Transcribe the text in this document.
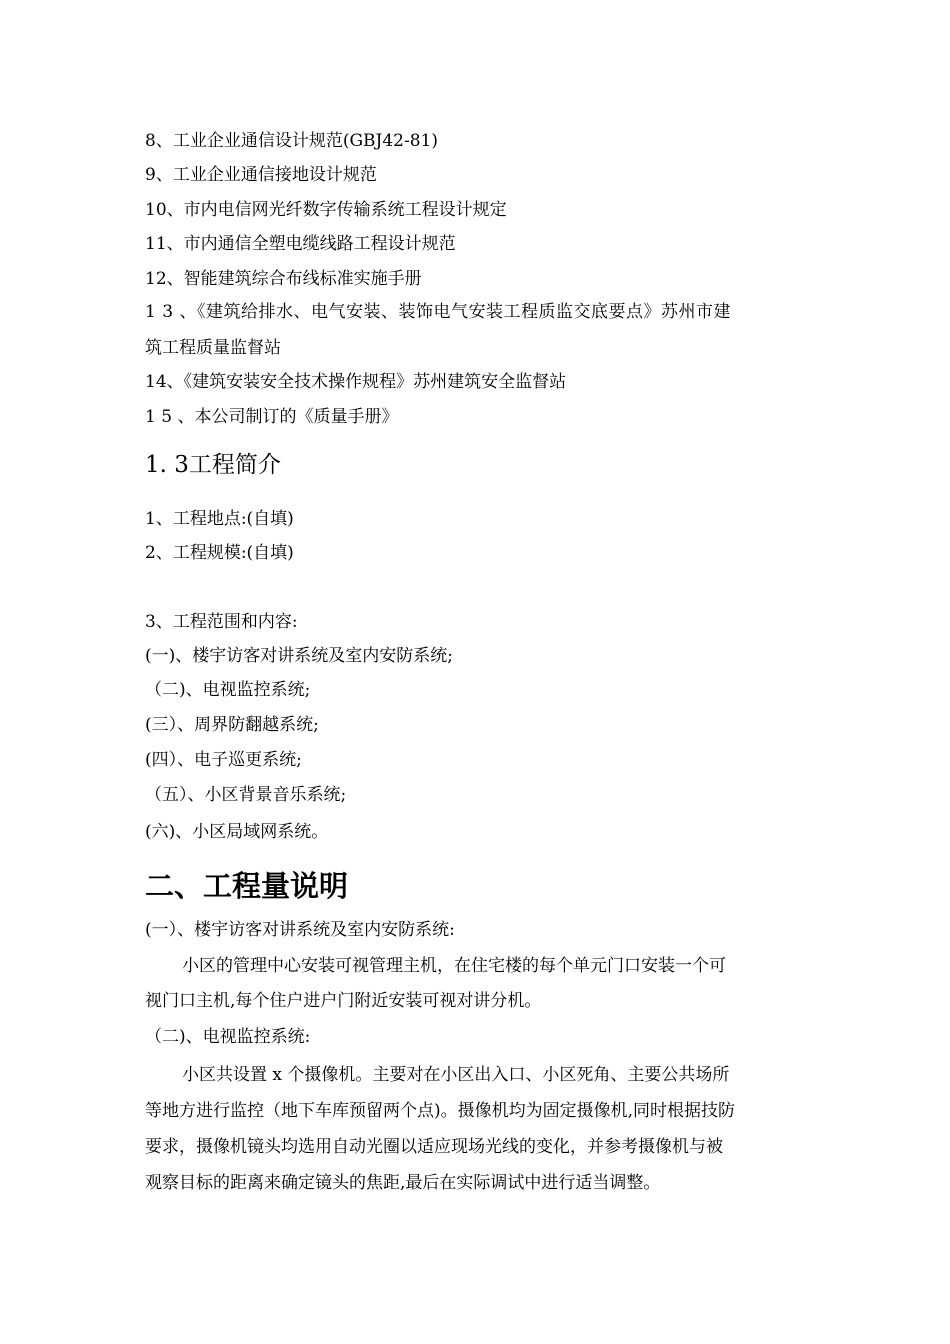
8、工业企业通信设计规范(GBJ42-81)
9、工业企业通信接地设计规范
10、市内电信网光纤数字传输系统工程设计规定
11、市内通信全塑电缆线路工程设计规范
12、智能建筑综合布线标准实施手册
1 3 、《建筑给排水、电气安装、装饰电气安装工程质监交底要点》苏州市建
筑工程质量监督站
14、《建筑安装安全技术操作规程》苏州建筑安全监督站
1 5 、本公司制订的《质量手册》
1. 3工程简介
1、工程地点:(自填)
2、工程规模:(自填)
3、工程范围和内容:
(一)、楼宇访客对讲系统及室内安防系统;
（二)、电视监控系统;
(三）、周界防翻越系统;
(四）、电子巡更系统;
（五）、小区背景音乐系统;
(六)、小区局域网系统。
二、工程量说明
(一）、楼宇访客对讲系统及室内安防系统:
小区的管理中心安装可视管理主机，在住宅楼的每个单元门口安装一个可
视门口主机,每个住户进户门附近安装可视对讲分机。
（二)、电视监控系统:
小区共设置 x 个摄像机。主要对在小区出入口、小区死角、主要公共场所
等地方进行监控（地下车库预留两个点)。摄像机均为固定摄像机,同时根据技防
要求，摄像机镜头均选用自动光圈以适应现场光线的变化，并参考摄像机与被
观察目标的距离来确定镜头的焦距,最后在实际调试中进行适当调整。
